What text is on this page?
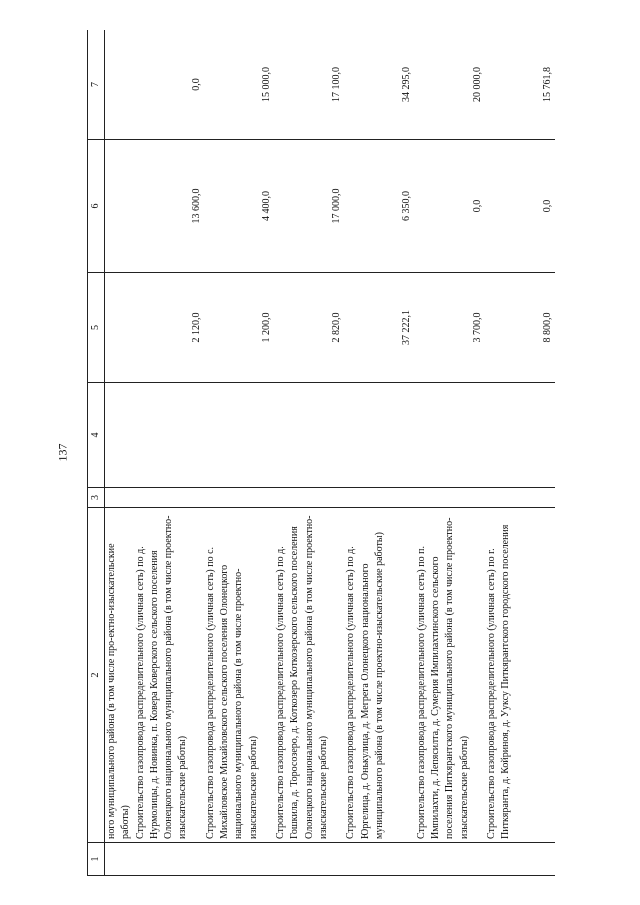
137
1	2	3	4	5	6	7
	ного муниципального района (в том числе про-ектно-изыскательские работы)					
	Строительство газопровода распределительного (уличная сеть) по д. Нурмолицы, д. Новинка, п. Ковера Коверского сельского поселения Олонецкого национального муниципального района (в том числе проектно-изыскательские работы)			2 120,0	13 600,0	0,0
	Строительство газопровода распределительного (уличная сеть) по с. Михайловское Михайловского сельского поселения Олонецкого национального муниципального района (в том числе проектно-изыскательские работы)			1 200,0	4 400,0	15 000,0
	Строительство газопровода распределительного (уличная сеть) по д. Гошкила, д. Торосозеро, д. Коткозеро Коткозерского сельского поселения Олонецкого национального муниципального района (в том числе проектно-изыскательские работы)			2 820,0	17 000,0	17 100,0
	Строительство газопровода распределительного (уличная сеть) по д. Юргелица, д. Онькулица, д. Мегрега Олонецкого национального муниципального района (в том числе проектно-изыскательские работы)			37 222,1	6 350,0	34 295,0
	Строительство газопровода распределительного (уличная сеть) по п. Импилахти, д. Лепясилта, д. Сумерия Импилахтинского сельского поселения Питкярантского муниципального района (в том числе проектно-изыскательские работы)			3 700,0	0,0	20 000,0
	Строительство газопровода распределительного (уличная сеть) по г. Питкяранта, д. Койриноя, д. Ууксу Питкярантского городского поселения			8 800,0	0,0	15 761,8
